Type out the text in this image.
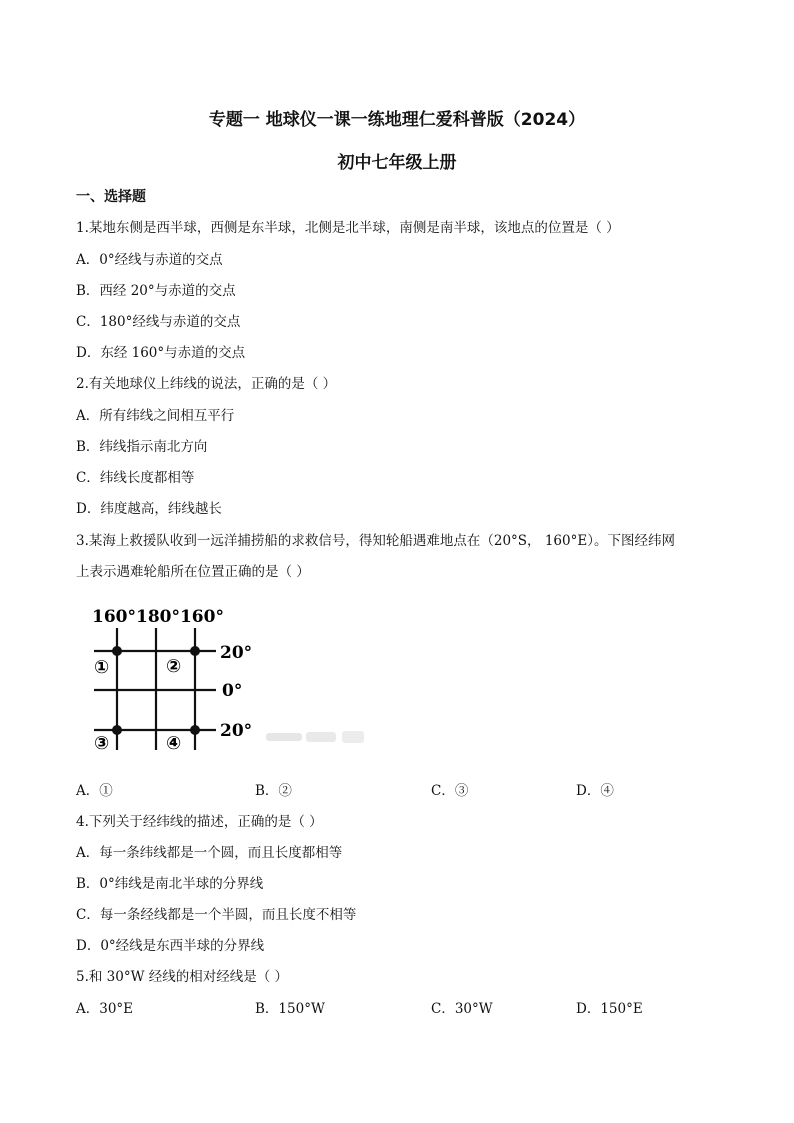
专题一 地球仪一课一练地理仁爱科普版（2024）
初中七年级上册
一、选择题
1.某地东侧是西半球，西侧是东半球，北侧是北半球，南侧是南半球，该地点的位置是（ ）
A．0°经线与赤道的交点
B．西经 20°与赤道的交点
C．180°经线与赤道的交点
D．东经 160°与赤道的交点
2.有关地球仪上纬线的说法，正确的是（ ）
A．所有纬线之间相互平行
B．纬线指示南北方向
C．纬线长度都相等
D．纬度越高，纬线越长
3.某海上救援队收到一远洋捕捞船的求救信号，得知轮船遇难地点在（20°S， 160°E）。下图经纬网
上表示遇难轮船所在位置正确的是（ ）
160°180°160°
20°
0°
20°
①	②
③	④
A．①	B．②	C．③	D．④
4.下列关于经纬线的描述，正确的是（ ）
A．每一条纬线都是一个圆，而且长度都相等
B．0°纬线是南北半球的分界线
C．每一条经线都是一个半圆，而且长度不相等
D．0°经线是东西半球的分界线
5.和 30°W 经线的相对经线是（ ）
A．30°E	B．150°W	C．30°W	D．150°E
